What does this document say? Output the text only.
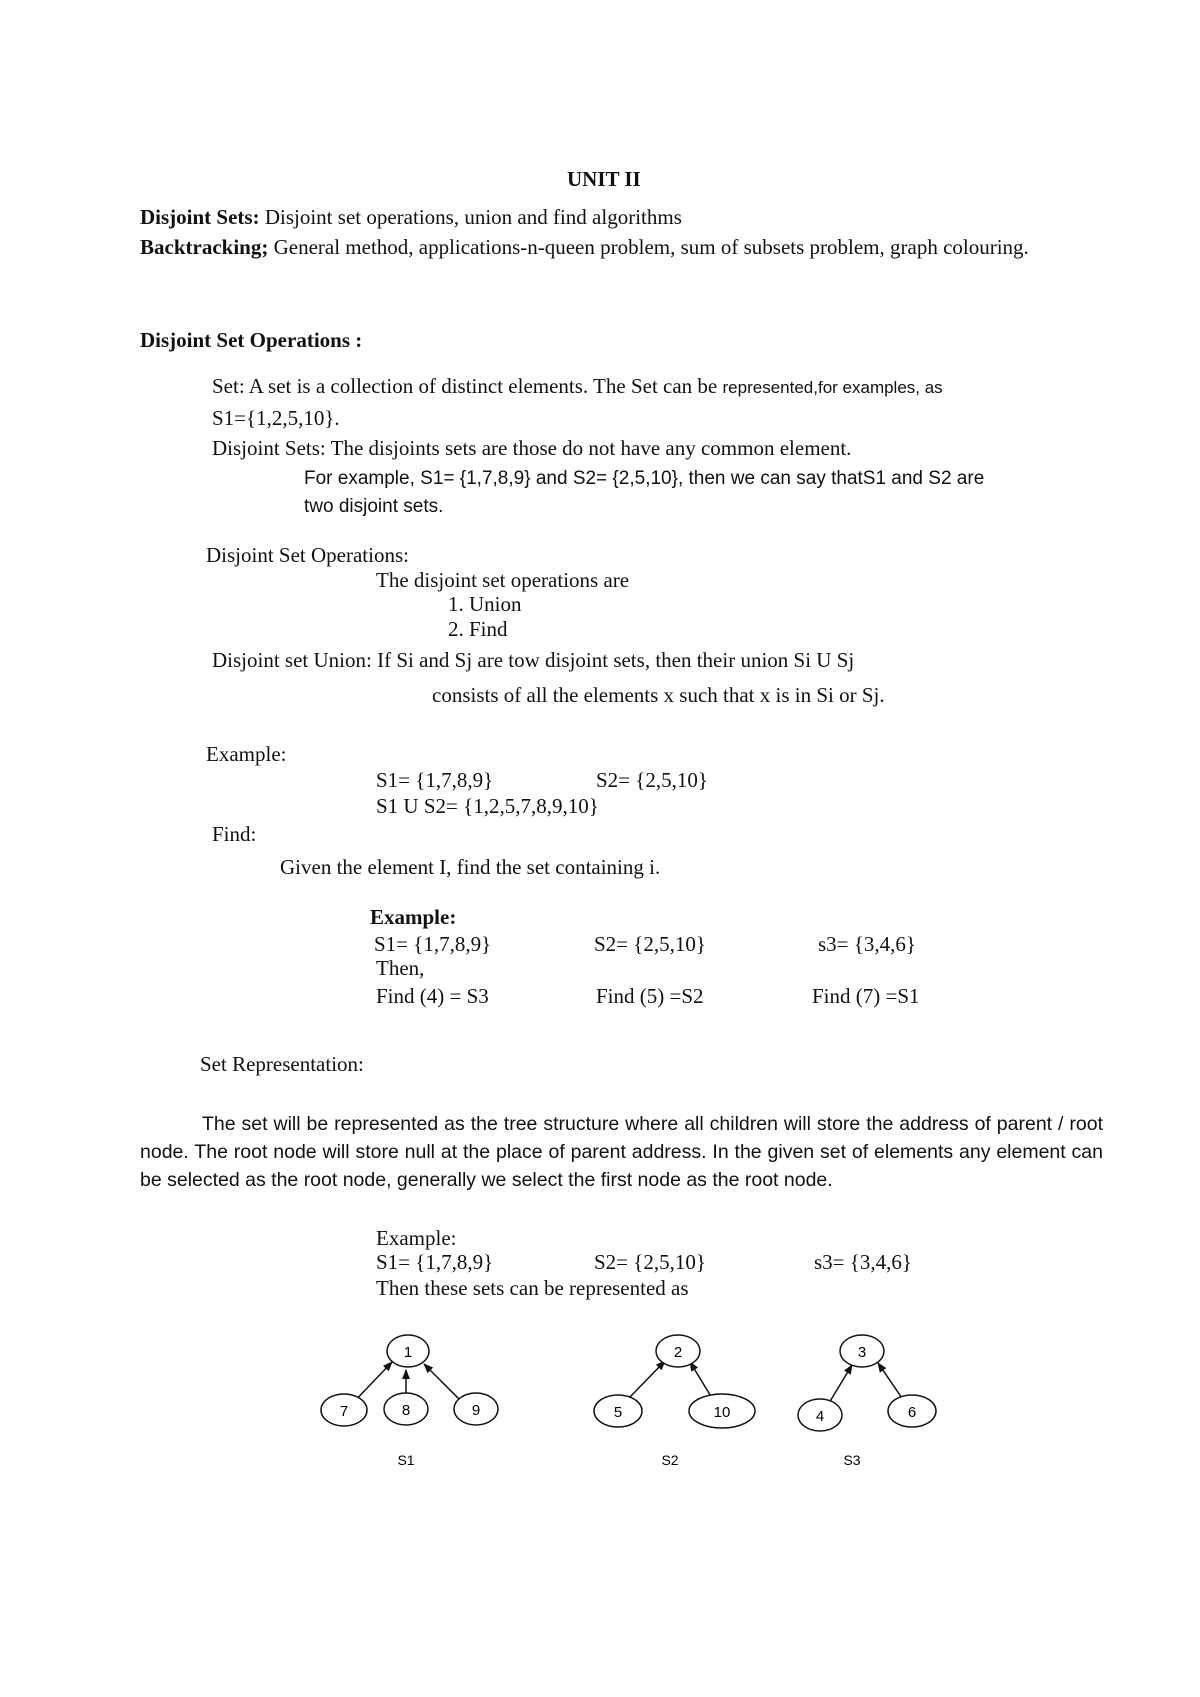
UNIT II
Disjoint Sets: Disjoint set operations, union and find algorithms
Backtracking; General method, applications-n-queen problem, sum of subsets problem, graph colouring.
Disjoint Set Operations :
Set: A set is a collection of distinct elements. The Set can be represented,for examples, as
S1={1,2,5,10}.
Disjoint Sets: The disjoints sets are those do not have any common element.
For example, S1= {1,7,8,9} and S2= {2,5,10}, then we can say thatS1 and S2 are
two disjoint sets.
Disjoint Set Operations:
The disjoint set operations are
1. Union
2. Find
Disjoint set Union: If Si and Sj are tow disjoint sets, then their union Si U Sj
consists of all the elements x such that x is in Si or Sj.
Example:
S1= {1,7,8,9}	S2= {2,5,10}
S1 U S2= {1,2,5,7,8,9,10}
Find:
Given the element I, find the set containing i.
Example:
S1= {1,7,8,9}	S2= {2,5,10}	s3= {3,4,6}
Then,
Find (4) = S3	Find (5) =S2	Find (7) =S1
Set Representation:
The set will be represented as the tree structure where all children will store the address of parent / root node. The root node will store null at the place of parent address. In the given set of elements any element can be selected as the root node, generally we select the first node as the root node.
Example:
S1= {1,7,8,9}	S2= {2,5,10}	s3= {3,4,6}
Then these sets can be represented as
1
7	8	9
S1
2
5	10
S2
3
4	6
S3
